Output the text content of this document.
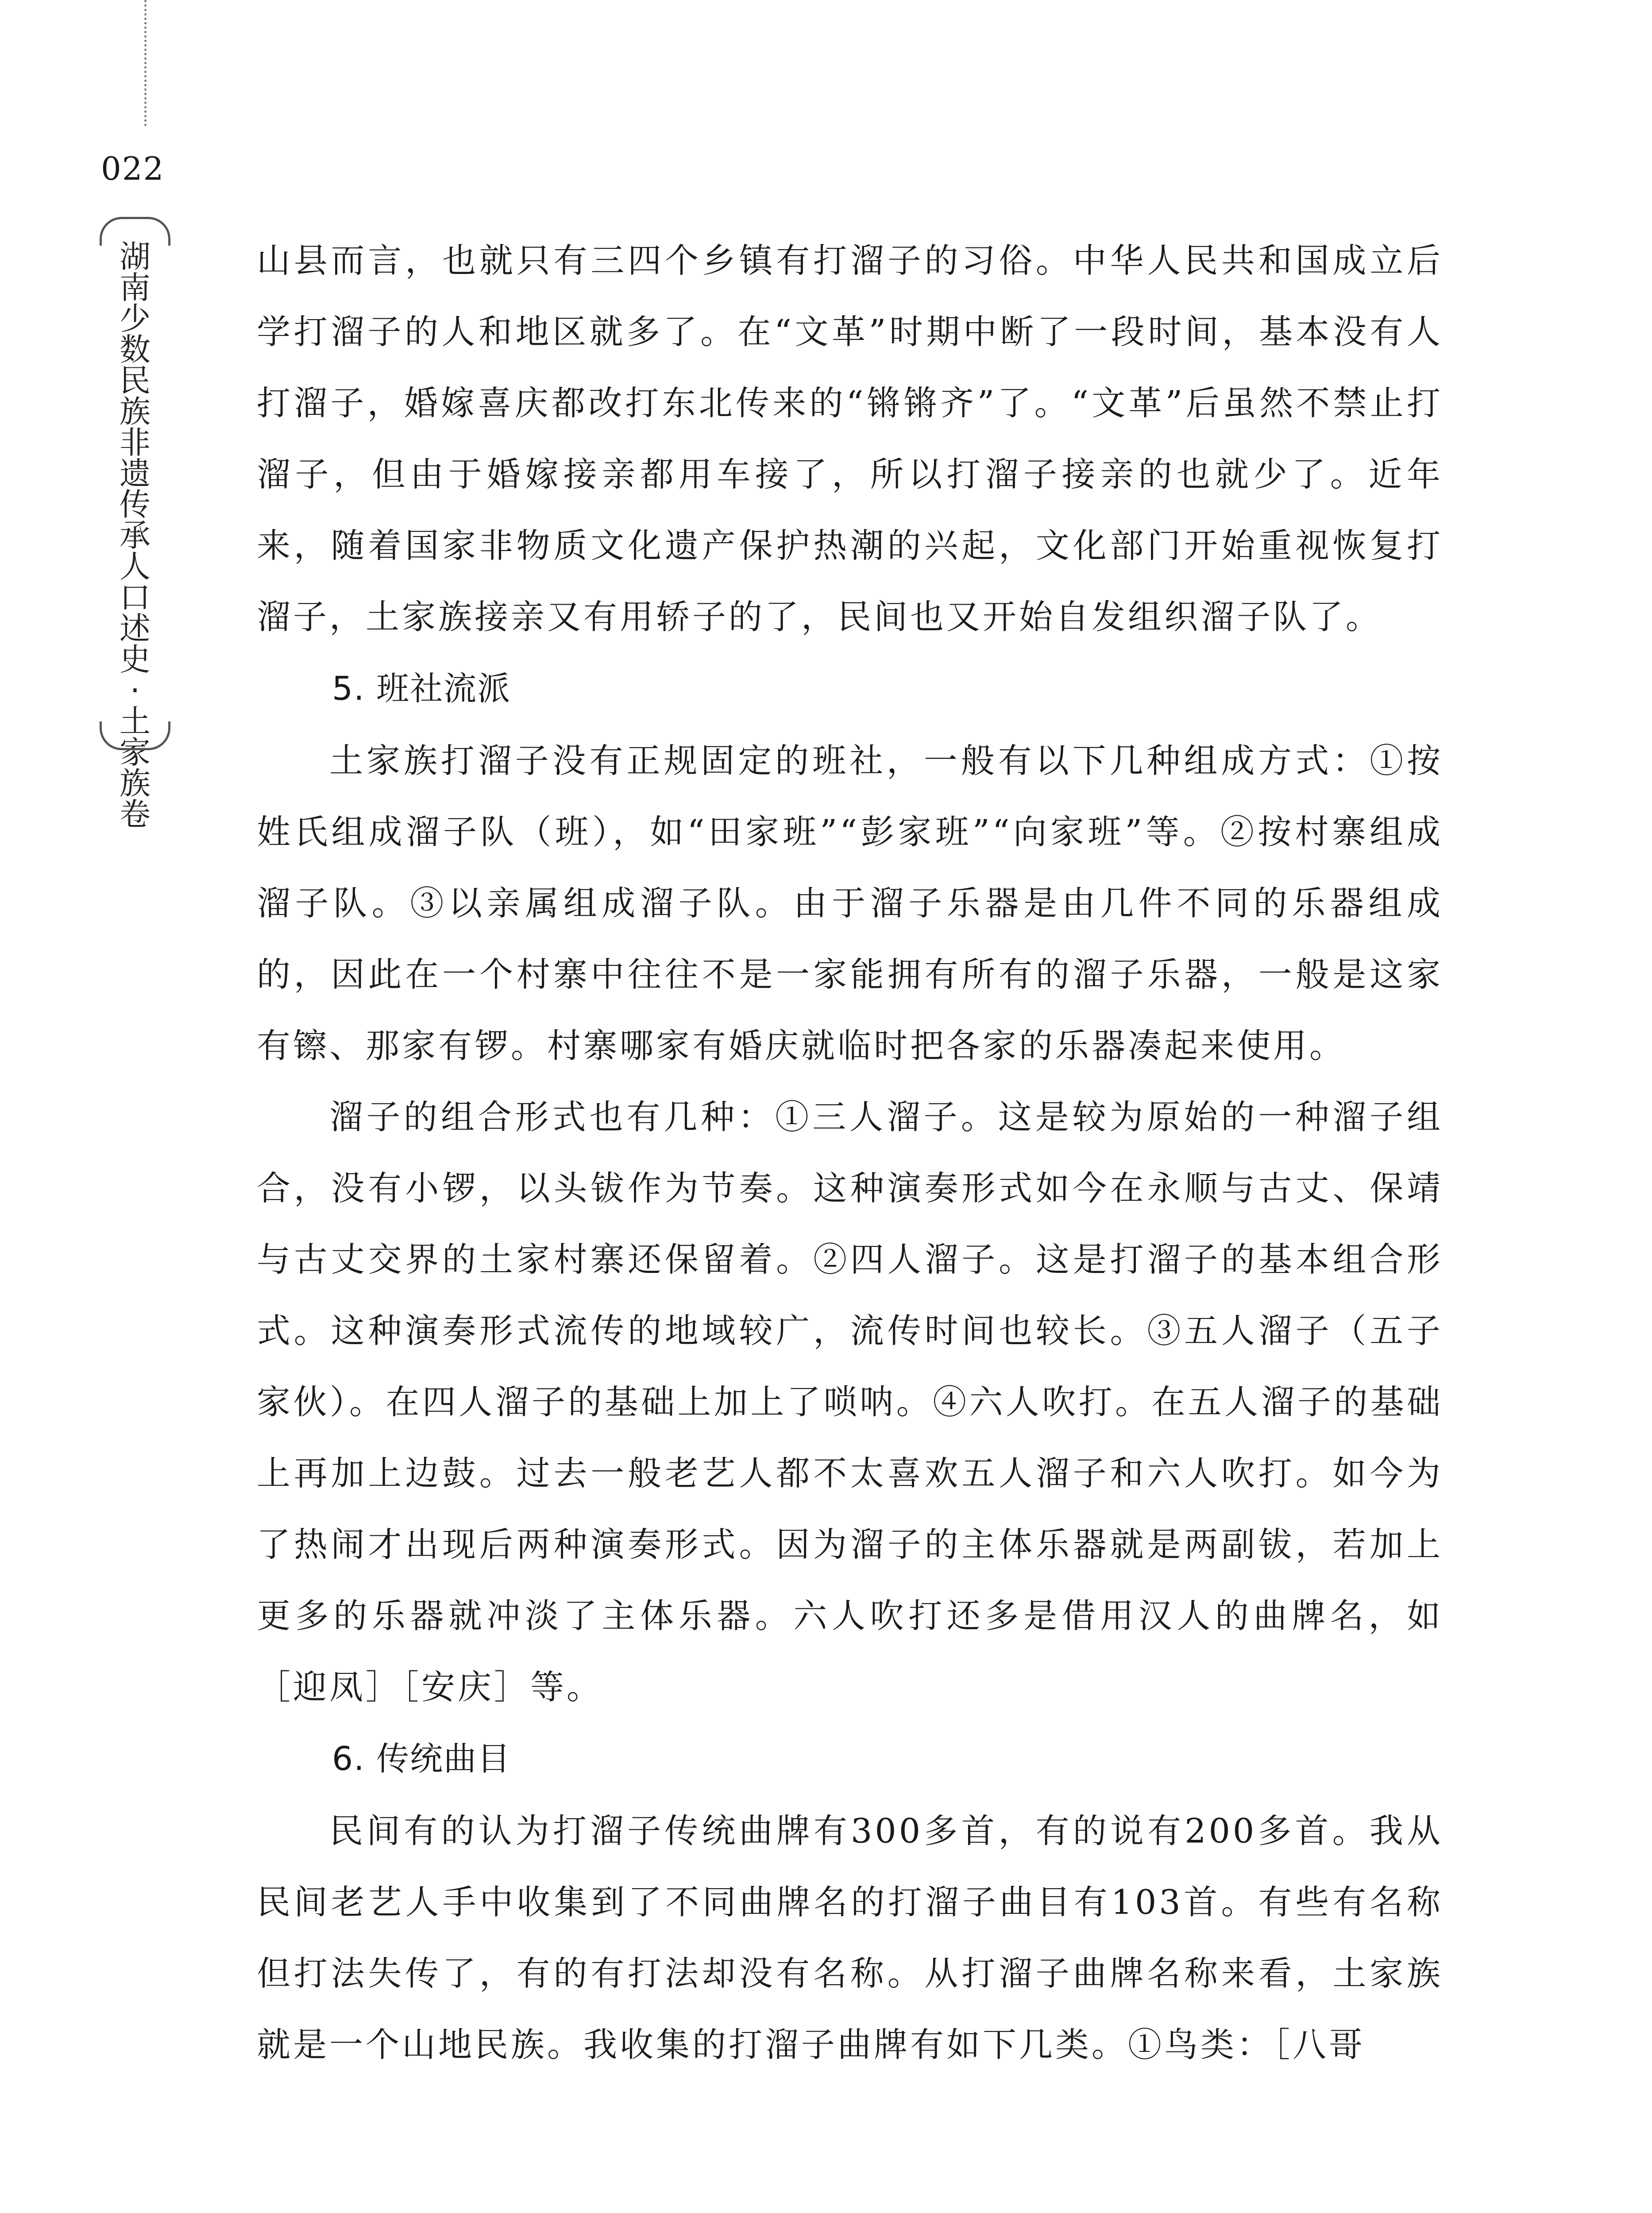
022
湖
南
少
数
民
族
非
遗
传
承
人
口
述
史
·
土
家
族
卷

山县而言，也就只有三四个乡镇有打溜子的习俗。中华人民共和国成立后学打溜子的人和地区就多了。在“文革”时期中断了一段时间，基本没有人打溜子，婚嫁喜庆都改打东北传来的“锵锵齐”了。“文革”后虽然不禁止打溜子，但由于婚嫁接亲都用车接了，所以打溜子接亲的也就少了。近年来，随着国家非物质文化遗产保护热潮的兴起，文化部门开始重视恢复打溜子，土家族接亲又有用轿子的了，民间也又开始自发组织溜子队了。

5. 班社流派

土家族打溜子没有正规固定的班社，一般有以下几种组成方式：①按姓氏组成溜子队（班），如“田家班”“彭家班”“向家班”等。②按村寨组成溜子队。③以亲属组成溜子队。由于溜子乐器是由几件不同的乐器组成的，因此在一个村寨中往往不是一家能拥有所有的溜子乐器，一般是这家有镲、那家有锣。村寨哪家有婚庆就临时把各家的乐器凑起来使用。

溜子的组合形式也有几种：①三人溜子。这是较为原始的一种溜子组合，没有小锣，以头钹作为节奏。这种演奏形式如今在永顺与古丈、保靖与古丈交界的土家村寨还保留着。②四人溜子。这是打溜子的基本组合形式。这种演奏形式流传的地域较广，流传时间也较长。③五人溜子（五子家伙）。在四人溜子的基础上加上了唢呐。④六人吹打。在五人溜子的基础上再加上边鼓。过去一般老艺人都不太喜欢五人溜子和六人吹打。如今为了热闹才出现后两种演奏形式。因为溜子的主体乐器就是两副钹，若加上更多的乐器就冲淡了主体乐器。六人吹打还多是借用汉人的曲牌名，如［迎凤］［安庆］等。

6. 传统曲目

民间有的认为打溜子传统曲牌有300多首，有的说有200多首。我从民间老艺人手中收集到了不同曲牌名的打溜子曲目有103首。有些有名称但打法失传了，有的有打法却没有名称。从打溜子曲牌名称来看，土家族就是一个山地民族。我收集的打溜子曲牌有如下几类。①鸟类：［八哥
